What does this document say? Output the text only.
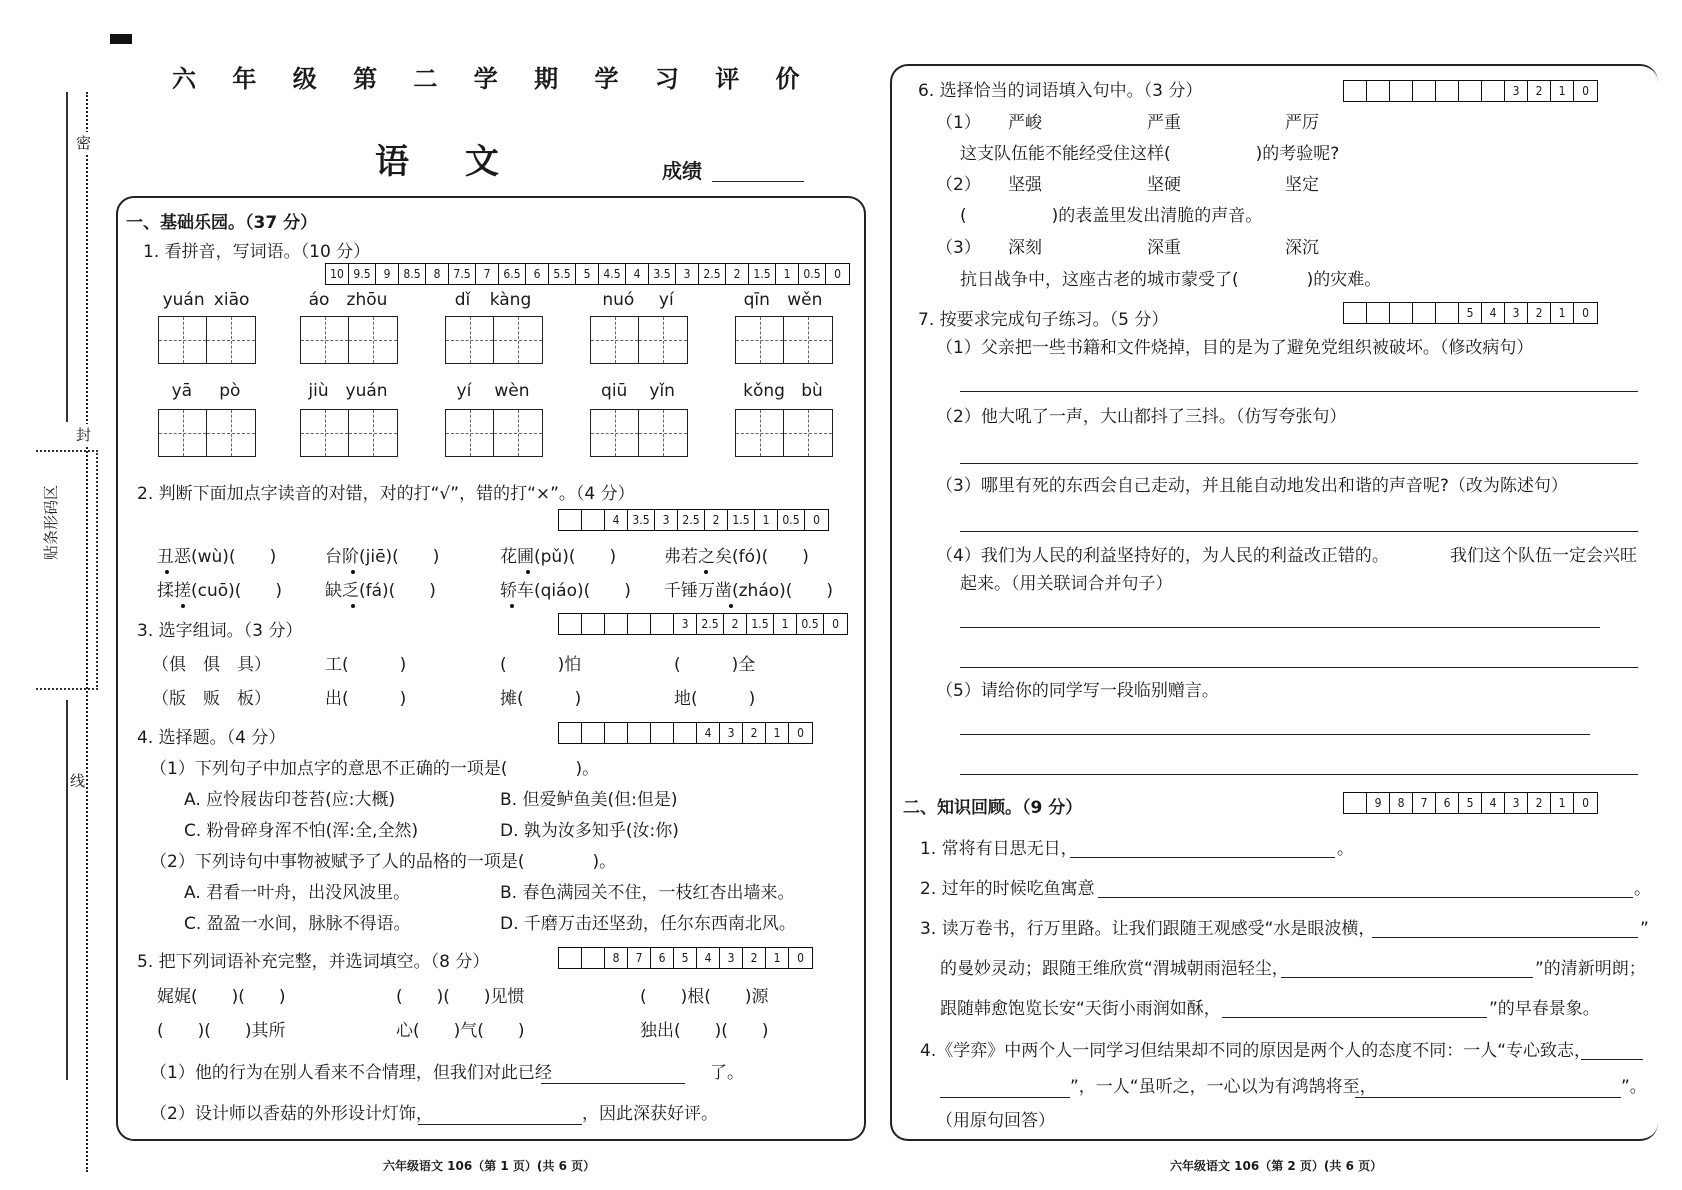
密
封
贴条形码区
线
六 年 级 第 二 学 期 学 习 评 价
语 文	成绩
一、基础乐园。（37 分）
1. 看拼音，写词语。（10 分）
10 9.5	9	8.5	8	7.5	7	6.5	6	5.5	5	4.5	4	3.5	3	2.5	2	1.5	1	0.5	0
yuán xiāo	áo zhōu	dǐ kàng	nuó yí	qīn wěn
yā pò	jiù yuán	yí wèn	qiū yǐn	kǒng bù
2. 判断下面加点字读音的对错，对的打“√”，错的打“×”。（4 分）
4	3.5	3	2.5	2	1.5	1	0.5	0
丑恶(wù)(　　)	台阶(jiē)(　　)	花圃(pǔ)(　　)	弗若之矣(fó)(　　)
揉搓(cuō)(　　)	缺乏(fá)(　　)	轿车(qiáo)(　　) 千锤万凿(zháo)(　　)
3. 选字组词。（3 分）	3	2.5	2	1.5	1	0.5	0
（俱　俱　具）	工(　　　)	(　　　)怕	(　　　)全
（版　贩　板）	出(　　　)	摊(　　　)	地(　　　)
4. 选择题。（4 分）	4	3	2	1	0
（1）下列句子中加点字的意思不正确的一项是(　　　　)。
A. 应怜屐齿印苍苔(应:大概)	B. 但爱鲈鱼美(但:但是)
C. 粉骨碎身浑不怕(浑:全,全然)	D. 孰为汝多知乎(汝:你)
（2）下列诗句中事物被赋予了人的品格的一项是(　　　　)。
A. 君看一叶舟，出没风波里。	B. 春色满园关不住，一枝红杏出墙来。
C. 盈盈一水间，脉脉不得语。	D. 千磨万击还坚劲，任尔东西南北风。
5. 把下列词语补充完整，并选词填空。（8 分）	8	7	6	5	4	3	2	1	0
娓娓(　　)(　　)	(　　)(　　)见惯	(　　)根(　　)源
(　　)(　　)其所	心(　　)气(　　)	独出(　　)(　　)
（1）他的行为在别人看来不合情理，但我们对此已经	了。
（2）设计师以香菇的外形设计灯饰，	，因此深获好评。
六年级语文 106（第 1 页）(共 6 页）
6. 选择恰当的词语填入句中。（3 分）	3	2	1	0
（1） 严峻	严重	严厉
这支队伍能不能经受住这样(　　　　　)的考验呢?
（2） 坚强	坚硬	坚定
(　　　　　)的表盖里发出清脆的声音。
（3） 深刻	深重	深沉
抗日战争中，这座古老的城市蒙受了(　　　　)的灾难。
7. 按要求完成句子练习。（5 分）	5	4	3	2	1	0
（1）父亲把一些书籍和文件烧掉，目的是为了避免党组织被破坏。（修改病句）
（2）他大吼了一声，大山都抖了三抖。（仿写夸张句）
（3）哪里有死的东西会自己走动，并且能自动地发出和谐的声音呢?（改为陈述句）
（4）我们为人民的利益坚持好的，为人民的利益改正错的。	我们这个队伍一定会兴旺
起来。（用关联词合并句子）
（5）请给你的同学写一段临别赠言。
二、知识回顾。（9 分）	9	8	7	6	5	4	3	2	1	0
1. 常将有日思无日，	。
2. 过年的时候吃鱼寓意	。
3. 读万卷书，行万里路。让我们跟随王观感受“水是眼波横，	”
的曼妙灵动；跟随王维欣赏“渭城朝雨浥轻尘，	”的清新明朗；
跟随韩愈饱览长安“天街小雨润如酥，	”的早春景象。
4.《学弈》中两个人一同学习但结果却不同的原因是两个人的态度不同：一人“专心致志，
”，一人“虽听之，一心以为有鸿鹄将至，	”。
（用原句回答）
六年级语文 106（第 2 页）(共 6 页）
